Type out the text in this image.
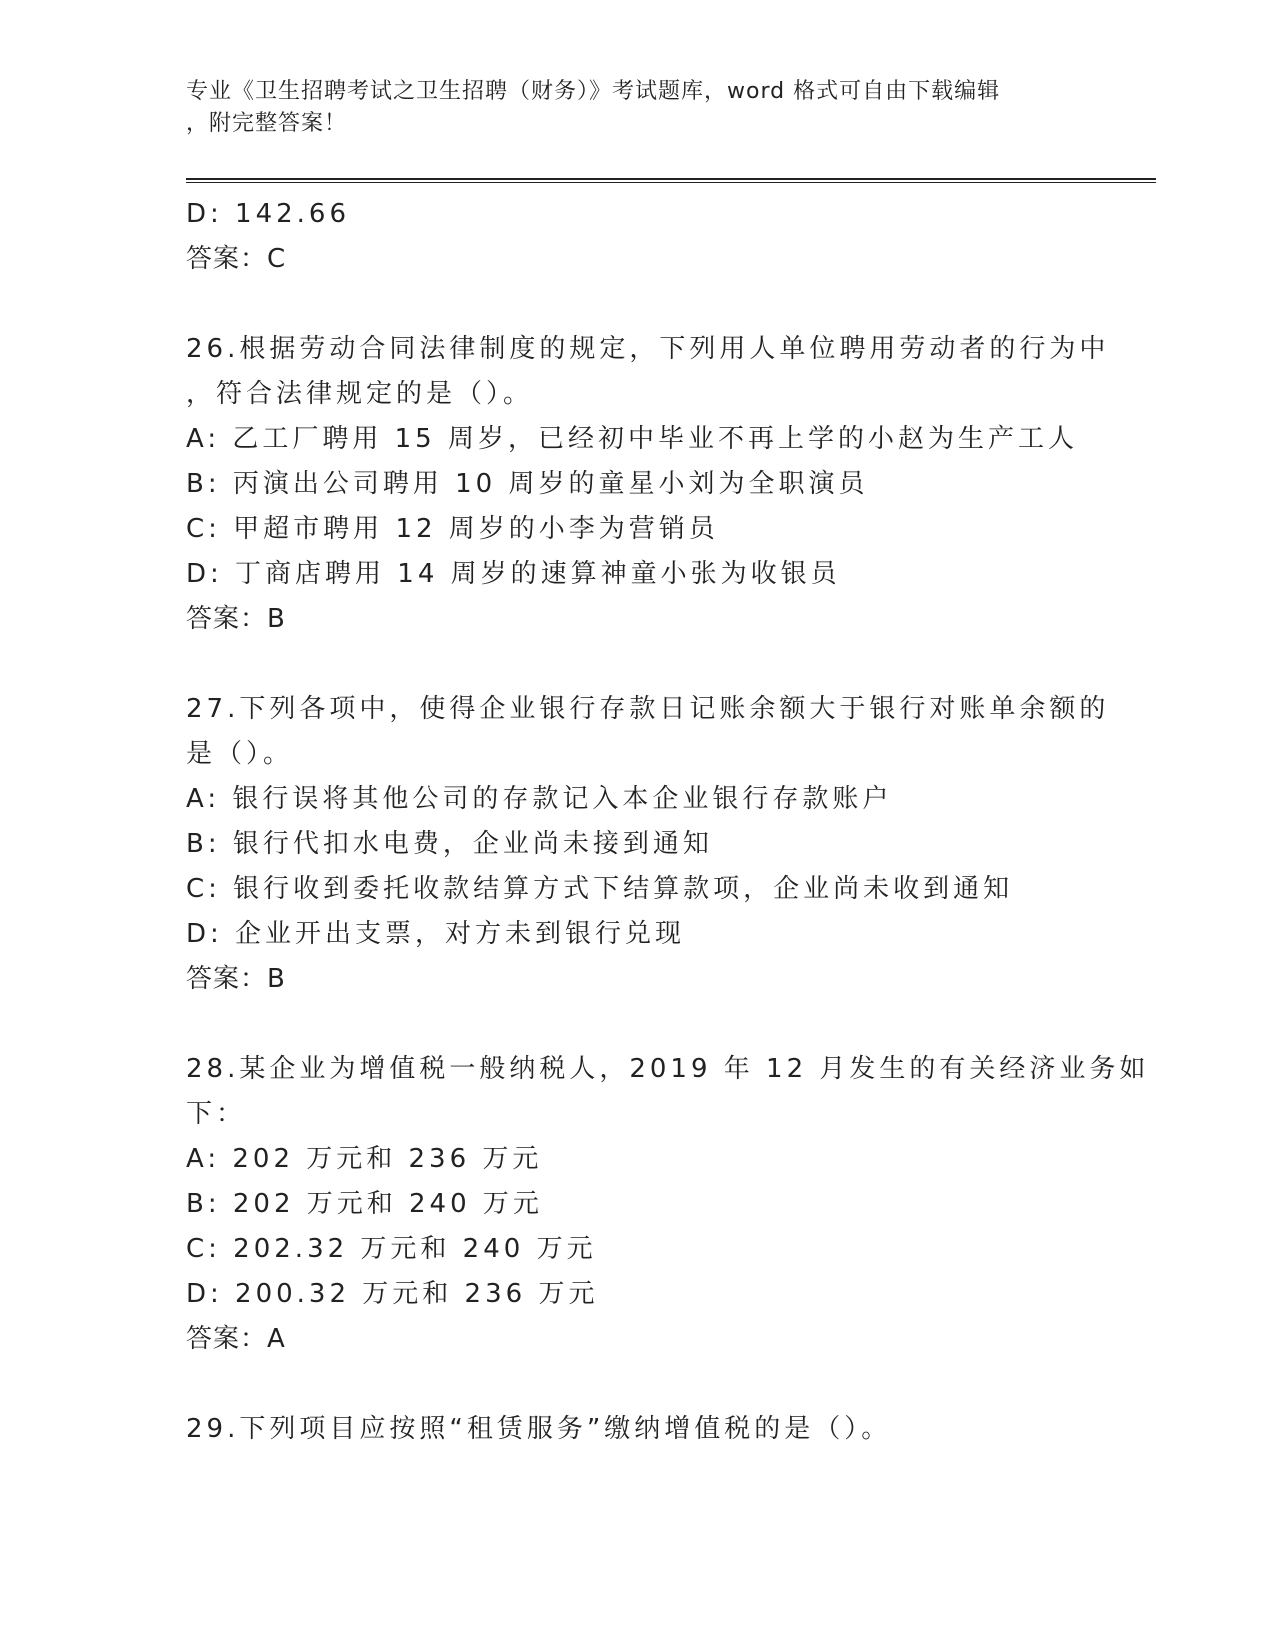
专业《卫生招聘考试之卫生招聘（财务）》考试题库，word 格式可自由下载编辑
，附完整答案！
D: 142.66
答案：C
26.根据劳动合同法律制度的规定，下列用人单位聘用劳动者的行为中
，符合法律规定的是（）。
A: 乙工厂聘用 15 周岁，已经初中毕业不再上学的小赵为生产工人
B: 丙演出公司聘用 10 周岁的童星小刘为全职演员
C: 甲超市聘用 12 周岁的小李为营销员
D: 丁商店聘用 14 周岁的速算神童小张为收银员
答案：B
27.下列各项中，使得企业银行存款日记账余额大于银行对账单余额的
是（）。
A: 银行误将其他公司的存款记入本企业银行存款账户
B: 银行代扣水电费，企业尚未接到通知
C: 银行收到委托收款结算方式下结算款项，企业尚未收到通知
D: 企业开出支票，对方未到银行兑现
答案：B
28.某企业为增值税一般纳税人，2019 年 12 月发生的有关经济业务如
下：
A: 202 万元和 236 万元
B: 202 万元和 240 万元
C: 202.32 万元和 240 万元
D: 200.32 万元和 236 万元
答案：A
29.下列项目应按照“租赁服务”缴纳增值税的是（）。
